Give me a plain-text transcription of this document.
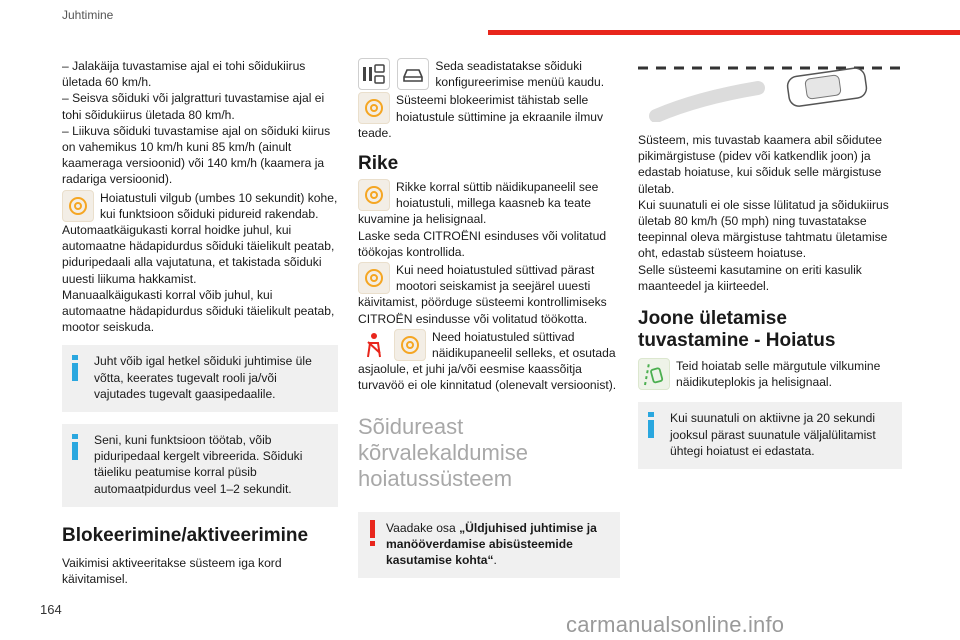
Juhtimine

– Jalakäija tuvastamise ajal ei tohi sõidukiirus ületada 60 km/h.

– Seisva sõiduki või jalgratturi tuvastamise ajal ei tohi sõidukiirus ületada 80 km/h.

– Liikuva sõiduki tuvastamise ajal on sõiduki kiirus on vahemikus 10 km/h kuni 85 km/h (ainult kaameraga versioonid) või 140 km/h (kaamera ja radariga versioonid).

Hoiatustuli vilgub (umbes 10 sekundit) kohe, kui funktsioon sõiduki pidureid rakendab.

Automaatkäigukasti korral hoidke juhul, kui automaatne hädapidurdus sõiduki täielikult peatab, piduripedaali alla vajutatuna, et takistada sõiduki uuesti liikuma hakkamist.

Manuaalkäigukasti korral võib juhul, kui automaatne hädapidurdus sõiduki täielikult peatab, mootor seiskuda.

Juht võib igal hetkel sõiduki juhtimise üle võtta, keerates tugevalt rooli ja/või vajutades tugevalt gaasipedaalile.
Seni, kuni funktsioon töötab, võib piduripedaal kergelt vibreerida. Sõiduki täieliku peatumise korral püsib automaatpidurdus veel 1–2 sekundit.
Blokeerimine/aktiveerimine

Vaikimisi aktiveeritakse süsteem iga kord käivitamisel.

Seda seadistatakse sõiduki konfigureerimise menüü kaudu.
Süsteemi blokeerimist tähistab selle hoiatustule süttimine ja ekraanile ilmuv teade.
Rike
Rikke korral süttib näidikupaneelil see hoiatustuli, millega kaasneb ka teate kuvamine ja helisignaal.

Laske seda CITROËNI esinduses või volitatud töökojas kontrollida.

Kui need hoiatustuled süttivad pärast mootori seiskamist ja seejärel uuesti käivitamist, pöörduge süsteemi kontrollimiseks CITROËN esindusse või volitatud töökotta.
Need hoiatustuled süttivad näidikupaneelil selleks, et osutada asjaolule, et juhi ja/või eesmise kaassõitja turvavöö ei ole kinnitatud (olenevalt versioonist).
Sõidureast kõrvalekaldumise hoiatussüsteem
Vaadake osa „Üldjuhised juhtimise ja manööverdamise abisüsteemide kasutamise kohta“.

Süsteem, mis tuvastab kaamera abil sõidutee pikimärgistuse (pidev või katkendlik joon) ja edastab hoiatuse, kui sõiduk selle märgistuse ületab.

Kui suunatuli ei ole sisse lülitatud ja sõidukiirus ületab 80 km/h (50 mph) ning tuvastatakse teepinnal oleva märgistuse tahtmatu ületamise oht, edastab süsteem hoiatuse.

Selle süsteemi kasutamine on eriti kasulik maanteedel ja kiirteedel.

Joone ületamise tuvastamine - Hoiatus
Teid hoiatab selle märgutule vilkumine näidikuteplokis ja helisignaal.
Kui suunatuli on aktiivne ja 20 sekundi jooksul pärast suunatule väljalülitamist ühtegi hoiatust ei edastata.
164
carmanualsonline.info
